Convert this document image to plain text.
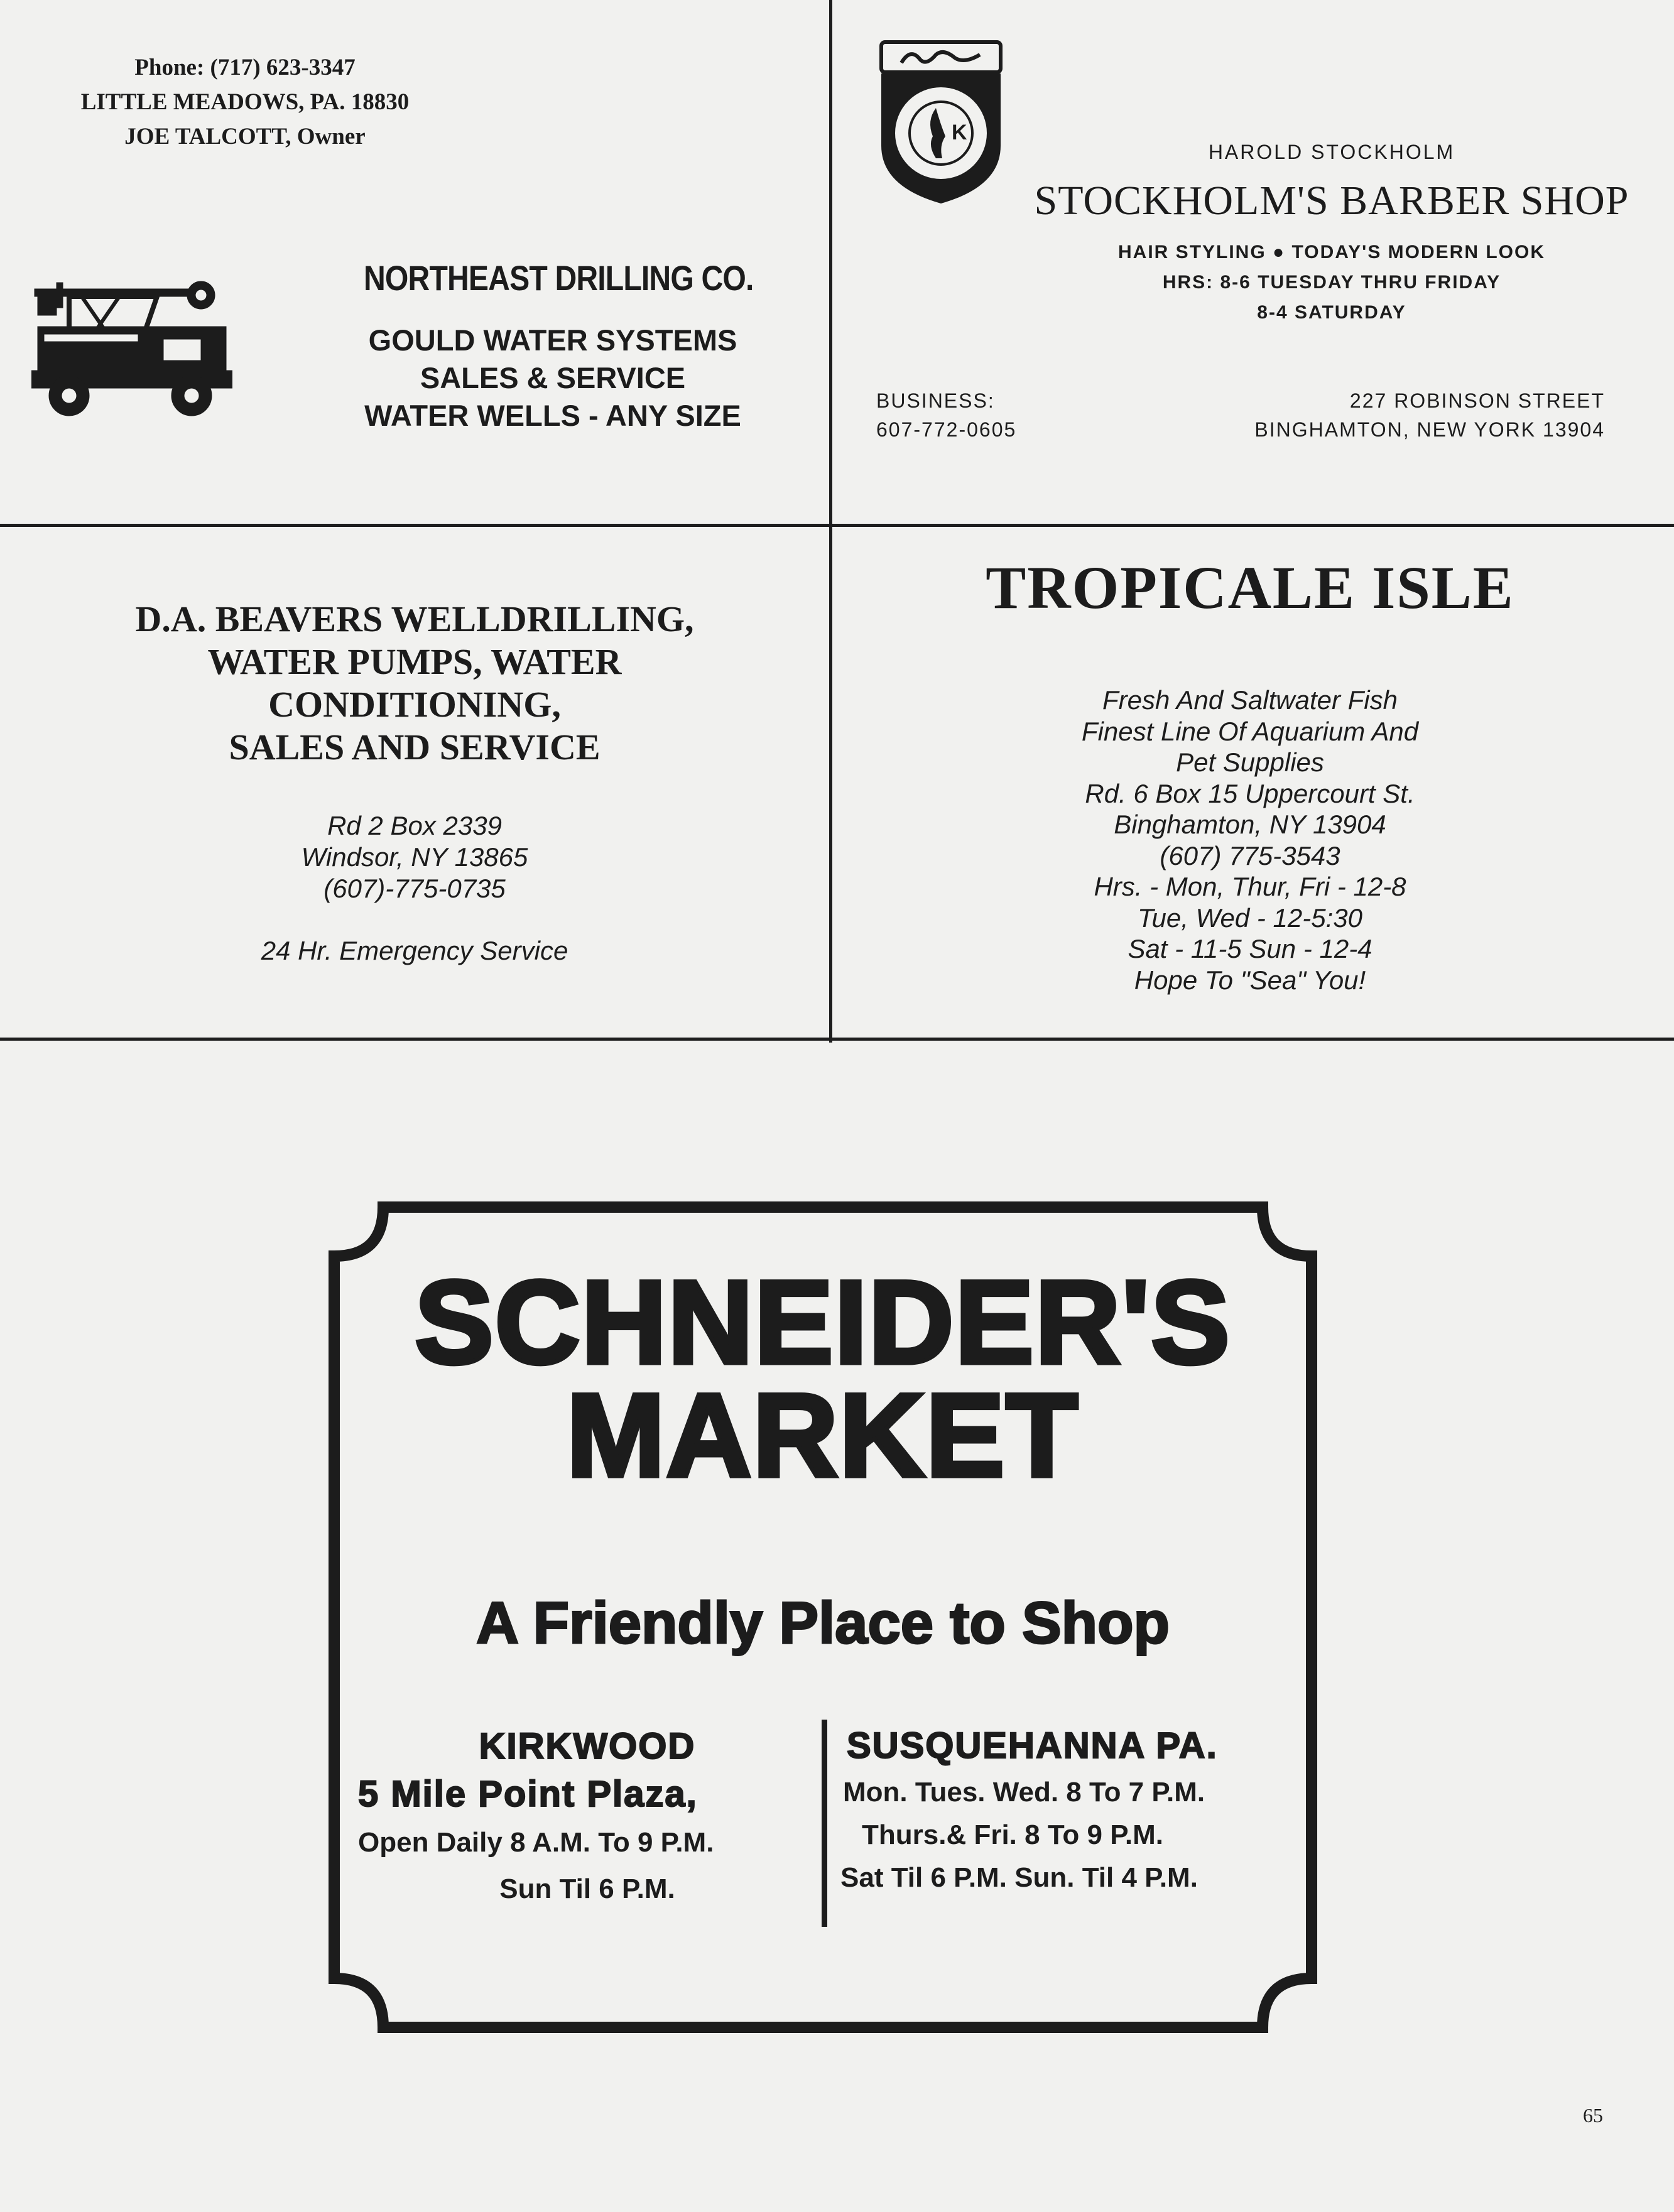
Phone: (717) 623-3347
LITTLE MEADOWS, PA. 18830
JOE TALCOTT, Owner
NORTHEAST DRILLING CO.
GOULD WATER SYSTEMS
SALES & SERVICE
WATER WELLS - ANY SIZE
K
HAROLD STOCKHOLM
STOCKHOLM'S BARBER SHOP
HAIR STYLING ● TODAY'S MODERN LOOK
HRS: 8-6 TUESDAY THRU FRIDAY
8-4 SATURDAY
BUSINESS:
607-772-0605
227 ROBINSON STREET
BINGHAMTON, NEW YORK 13904
D.A. BEAVERS WELLDRILLING,
WATER PUMPS, WATER
CONDITIONING,
SALES AND SERVICE
Rd 2 Box 2339
Windsor, NY 13865
(607)-775-0735
24 Hr. Emergency Service
TROPICALE ISLE
Fresh And Saltwater Fish
Finest Line Of Aquarium And
Pet Supplies
Rd. 6 Box 15 Uppercourt St.
Binghamton, NY 13904
(607) 775-3543
Hrs. - Mon, Thur, Fri - 12-8
Tue, Wed - 12-5:30
Sat - 11-5 Sun - 12-4
Hope To "Sea" You!
SCHNEIDER'S
MARKET
A Friendly Place to Shop
KIRKWOOD
5 Mile Point Plaza,
Open Daily 8 A.M. To 9 P.M.
Sun Til 6 P.M.
SUSQUEHANNA PA.
Mon. Tues. Wed. 8 To 7 P.M.
Thurs.& Fri. 8 To 9 P.M.
Sat Til 6 P.M. Sun. Til 4 P.M.
65
